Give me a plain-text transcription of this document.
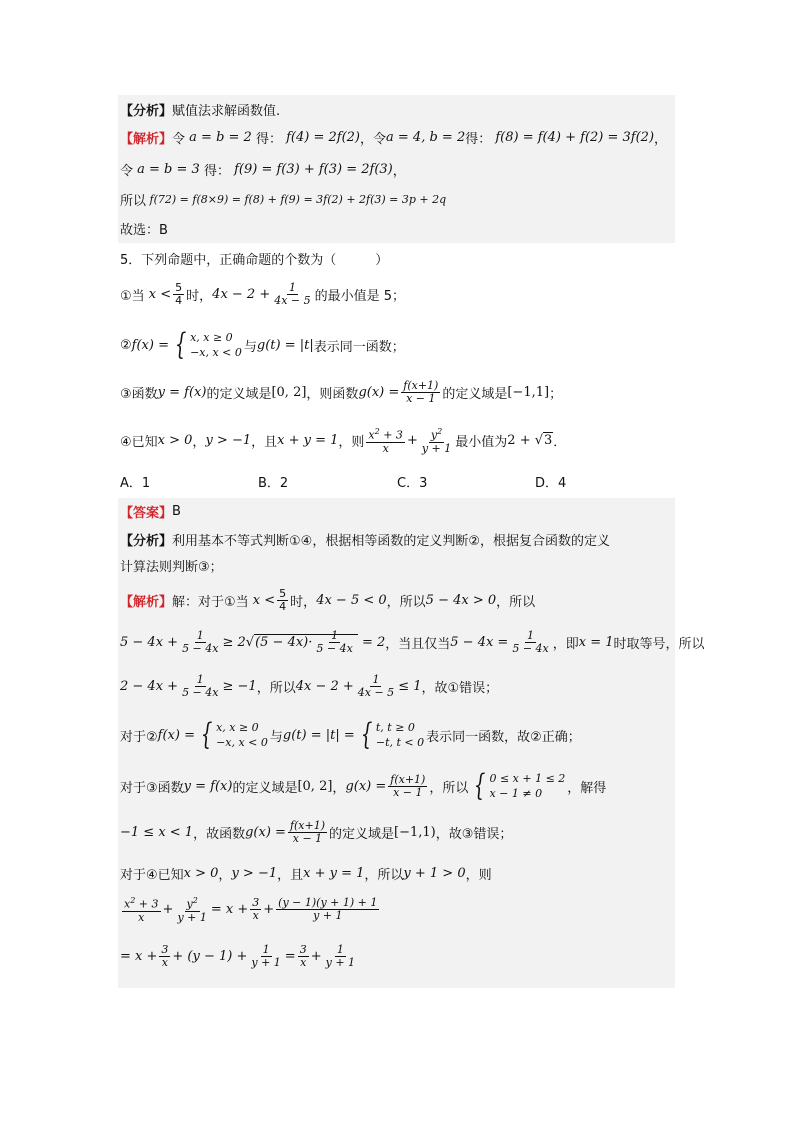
【分析】 赋值法求解函数值.
【解析】 令 a = b = 2 得： f(4) = 2f(2) ，令 a = 4, b = 2 得： f(8) = f(4) + f(2) = 3f(2) ，
令 a = b = 3 得： f(9) = f(3) + f(3) = 2f(3) ，
所以 f(72) = f(8×9) = f(8) + f(9) = 3f(2) + 2f(3) = 3p + 2q
故选：B
5．下列命题中，正确命题的个数为（　　　）
①当 $x < \frac{5}{4}$ 时， $4x - 2 + \frac{1}{4x - 5}$ 的最小值是 5；
② f(x) = { x, x ≥ 0
−x, x < 0 与 g(t) = |t| 表示同一函数；
③函数 y = f(x) 的定义域是 [0, 2] ，则函数 $g(x) = \frac{f(x+1)}{x - 1}$ 的定义域是 [−1,1] ；
④已知 x > 0 ， y > −1 ，且 x + y = 1 ，则 $\frac{x^2 + 3}{x} + \frac{y^2}{y + 1}$ 最小值为 2 + √3 ．
A．1	B．2	C．3	D．4
【答案】 B
【分析】 利用基本不等式判断①④，根据相等函数的定义判断②，根据复合函数的定义
计算法则判断③；
【解析】 解：对于①当 $x < \frac{5}{4}$ 时， 4x − 5 < 0 ，所以 5 − 4x > 0 ，所以
$5 - 4x + \frac{1}{5 - 4x} \ge 2√(5 - 4x)\cdot \frac{1}{5 - 4x} = 2$ ，当且仅当 $5 - 4x = \frac{1}{5 - 4x}$ ，即 x = 1 时取等号，所以
$2 - 4x + \frac{1}{5 - 4x} \ge -1$ ，所以 $4x - 2 + \frac{1}{4x - 5} \le 1$ ，故①错误；
对于② f(x) = { x, x ≥ 0
−x, x < 0 与 g(t) = |t| = { t, t ≥ 0
−t, t < 0 表示同一函数，故②正确；
对于③函数 y = f(x) 的定义域是 [0, 2] ， $g(x) = \frac{f(x+1)}{x - 1}$ ，所以 { 0 ≤ x + 1 ≤ 2
x − 1 ≠ 0	，解得
−1 ≤ x < 1 ，故函数 $g(x) = \frac{f(x+1)}{x - 1}$ 的定义域是 [−1,1) ，故③错误；
对于④已知 x > 0 ， y > −1 ，且 x + y = 1 ，所以 y + 1 > 0 ，则
$\frac{x^2 + 3}{x} + \frac{y^2}{y + 1} = x + \frac{3}{x} + \frac{(y - 1)(y + 1) + 1}{y + 1}$
= $x + \frac{3}{x} + (y - 1) + \frac{1}{y + 1} = \frac{3}{x} + \frac{1}{y + 1}$
